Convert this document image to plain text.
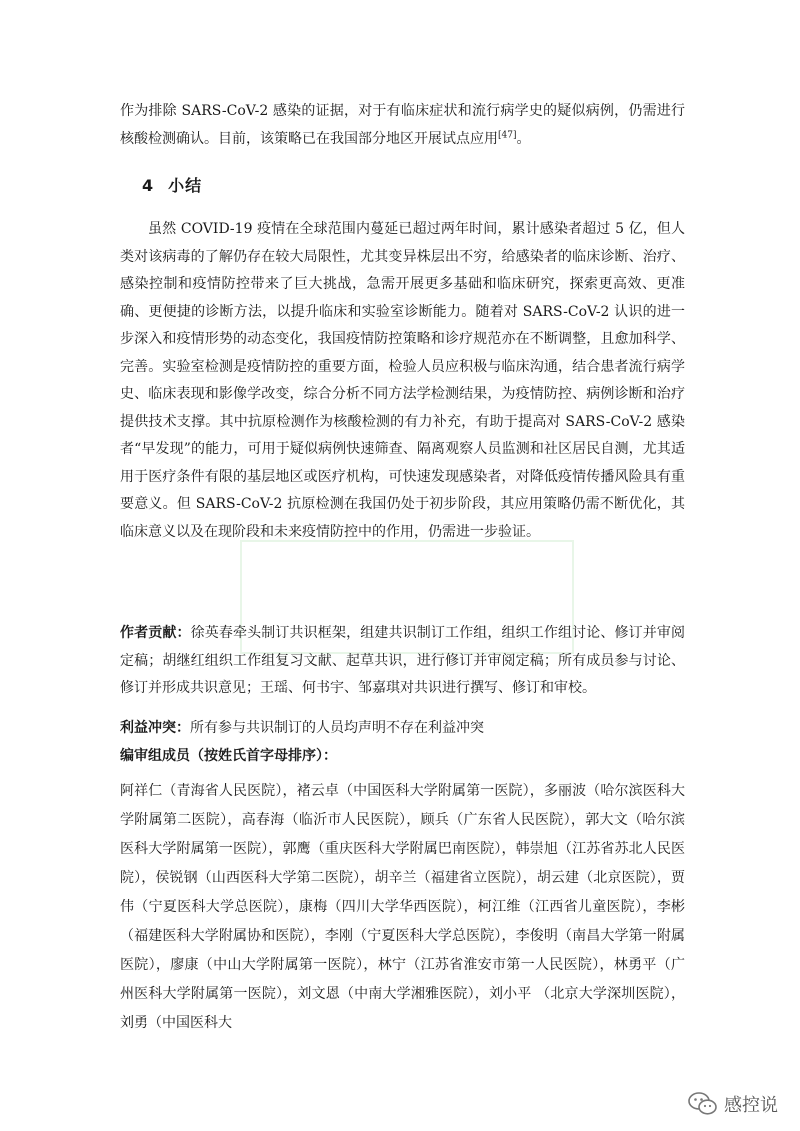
作为排除 SARS-CoV-2 感染的证据，对于有临床症状和流行病学史的疑似病例，仍需进行核酸检测确认。目前，该策略已在我国部分地区开展试点应用[47]。

4 小结

虽然 COVID-19 疫情在全球范围内蔓延已超过两年时间，累计感染者超过 5 亿，但人类对该病毒的了解仍存在较大局限性，尤其变异株层出不穷，给感染者的临床诊断、治疗、感染控制和疫情防控带来了巨大挑战，急需开展更多基础和临床研究，探索更高效、更准确、更便捷的诊断方法，以提升临床和实验室诊断能力。随着对 SARS-CoV-2 认识的进一步深入和疫情形势的动态变化，我国疫情防控策略和诊疗规范亦在不断调整，且愈加科学、完善。实验室检测是疫情防控的重要方面，检验人员应积极与临床沟通，结合患者流行病学史、临床表现和影像学改变，综合分析不同方法学检测结果，为疫情防控、病例诊断和治疗提供技术支撑。其中抗原检测作为核酸检测的有力补充，有助于提高对 SARS-CoV-2 感染者“早发现”的能力，可用于疑似病例快速筛查、隔离观察人员监测和社区居民自测，尤其适用于医疗条件有限的基层地区或医疗机构，可快速发现感染者，对降低疫情传播风险具有重要意义。但 SARS-CoV-2 抗原检测在我国仍处于初步阶段，其应用策略仍需不断优化，其临床意义以及在现阶段和未来疫情防控中的作用，仍需进一步验证。

作者贡献：徐英春牵头制订共识框架，组建共识制订工作组，组织工作组讨论、修订并审阅定稿；胡继红组织工作组复习文献、起草共识，进行修订并审阅定稿；所有成员参与讨论、修订并形成共识意见；王瑶、何书宇、邹嘉琪对共识进行撰写、修订和审校。

利益冲突：所有参与共识制订的人员均声明不存在利益冲突

编审组成员（按姓氏首字母排序）：

阿祥仁（青海省人民医院），褚云卓（中国医科大学附属第一医院），多丽波（哈尔滨医科大学附属第二医院），高春海（临沂市人民医院），顾兵（广东省人民医院），郭大文（哈尔滨医科大学附属第一医院），郭鹰（重庆医科大学附属巴南医院），韩崇旭（江苏省苏北人民医院），侯锐钢（山西医科大学第二医院），胡辛兰（福建省立医院），胡云建（北京医院），贾伟（宁夏医科大学总医院），康梅（四川大学华西医院），柯江维（江西省儿童医院），李彬（福建医科大学附属协和医院），李刚（宁夏医科大学总医院），李俊明（南昌大学第一附属医院），廖康（中山大学附属第一医院），林宁（江苏省淮安市第一人民医院），林勇平（广州医科大学附属第一医院），刘文恩（中南大学湘雅医院），刘小平 （北京大学深圳医院），刘勇（中国医科大

感控说
